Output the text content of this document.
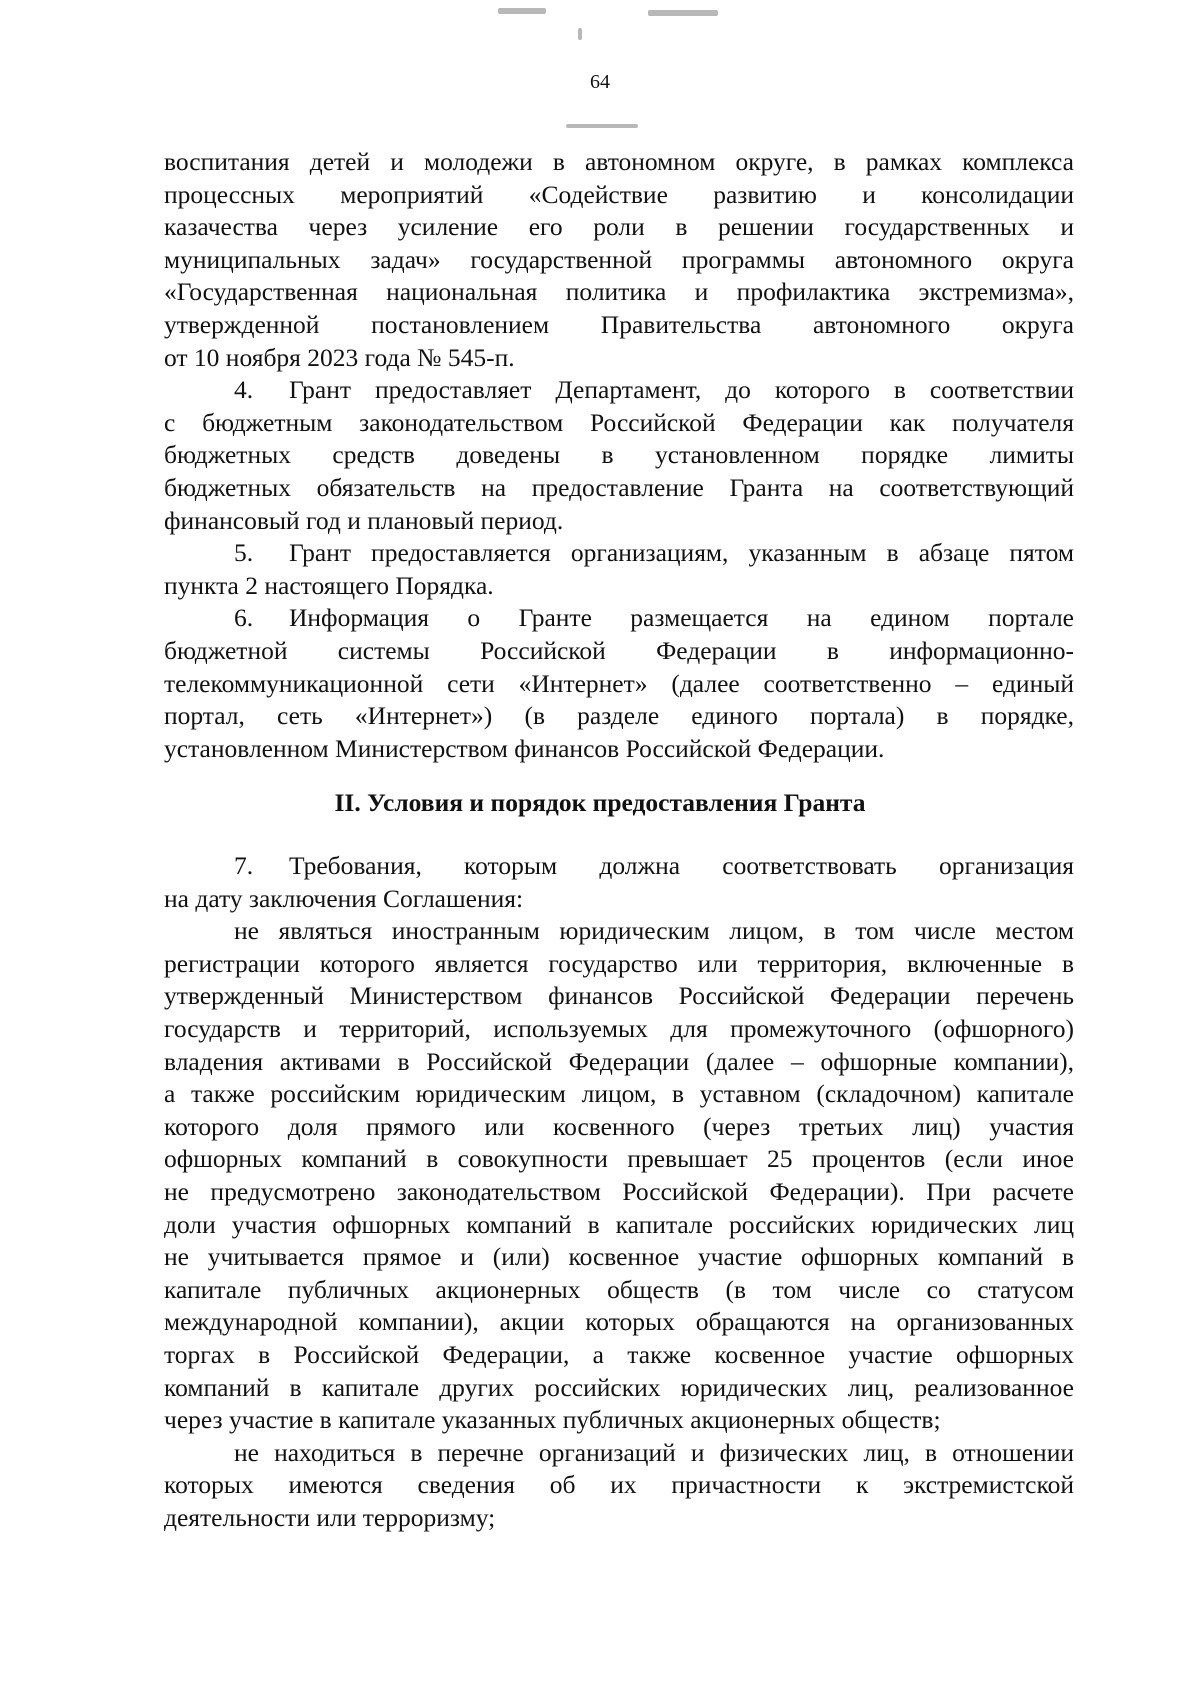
64
воспитания детей и молодежи в автономном округе, в рамках комплекса
процессных мероприятий «Содействие развитию и консолидации
казачества через усиление его роли в решении государственных и
муниципальных задач» государственной программы автономного округа
«Государственная национальная политика и профилактика экстремизма»,
утвержденной постановлением Правительства автономного округа
от 10 ноября 2023 года № 545-п.
4. Грант предоставляет Департамент, до которого в соответствии
с бюджетным законодательством Российской Федерации как получателя
бюджетных средств доведены в установленном порядке лимиты
бюджетных обязательств на предоставление Гранта на соответствующий
финансовый год и плановый период.
5. Грант предоставляется организациям, указанным в абзаце пятом
пункта 2 настоящего Порядка.
6. Информация о Гранте размещается на едином портале
бюджетной системы Российской Федерации в информационно-
телекоммуникационной сети «Интернет» (далее соответственно – единый
портал, сеть «Интернет») (в разделе единого портала) в порядке,
установленном Министерством финансов Российской Федерации.
II. Условия и порядок предоставления Гранта
7. Требования, которым должна соответствовать организация
на дату заключения Соглашения:
не являться иностранным юридическим лицом, в том числе местом
регистрации которого является государство или территория, включенные в
утвержденный Министерством финансов Российской Федерации перечень
государств и территорий, используемых для промежуточного (офшорного)
владения активами в Российской Федерации (далее – офшорные компании),
а также российским юридическим лицом, в уставном (складочном) капитале
которого доля прямого или косвенного (через третьих лиц) участия
офшорных компаний в совокупности превышает 25 процентов (если иное
не предусмотрено законодательством Российской Федерации). При расчете
доли участия офшорных компаний в капитале российских юридических лиц
не учитывается прямое и (или) косвенное участие офшорных компаний в
капитале публичных акционерных обществ (в том числе со статусом
международной компании), акции которых обращаются на организованных
торгах в Российской Федерации, а также косвенное участие офшорных
компаний в капитале других российских юридических лиц, реализованное
через участие в капитале указанных публичных акционерных обществ;
не находиться в перечне организаций и физических лиц, в отношении
которых имеются сведения об их причастности к экстремистской
деятельности или терроризму;
